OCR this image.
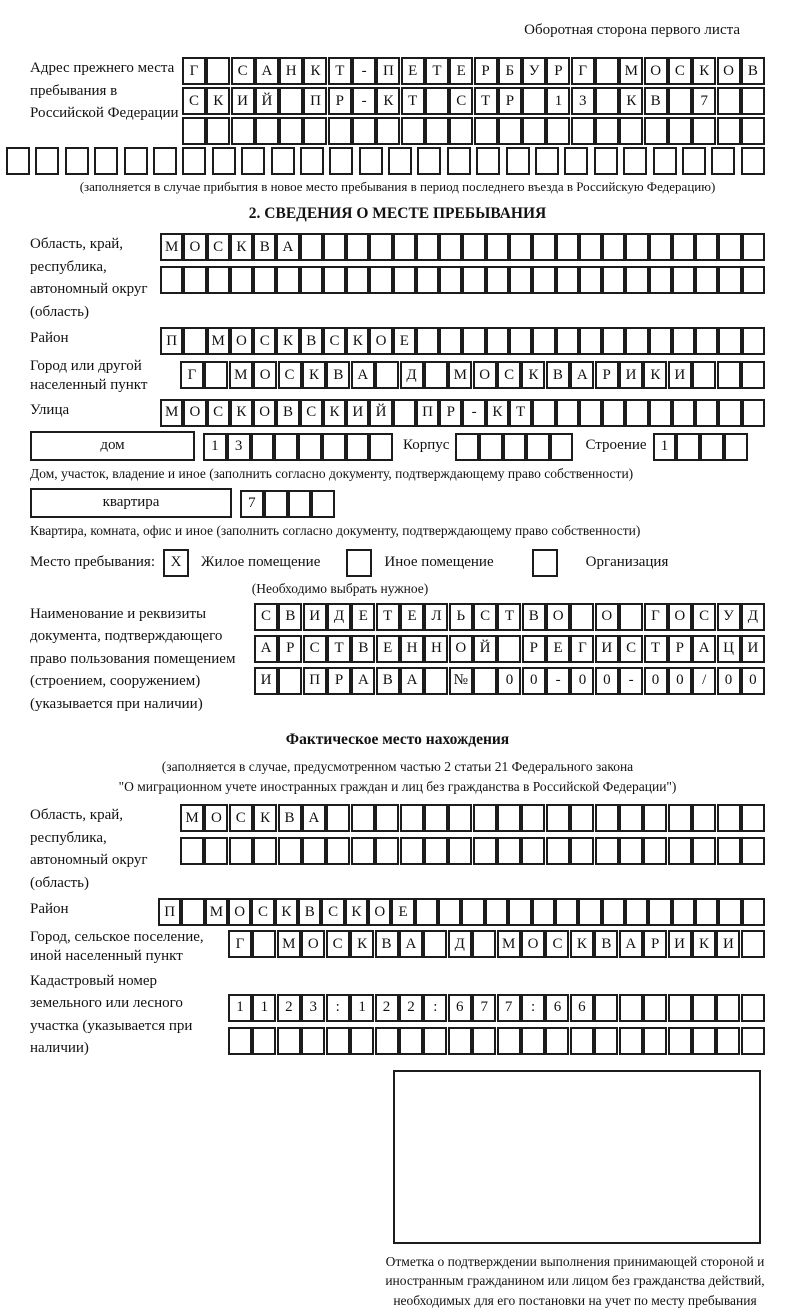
Оборотная сторона первого листа
Адрес прежнего места пребывания в Российской Федерации
Г	С А Н К Т	-	П Е	Т	Е	Р	Б У Р	Г	М О С К О В
С К И Й	П Р	-	К Т	С Т	Р	1	3	К В	7
(заполняется в случае прибытия в новое место пребывания в период последнего въезда в Российскую Федерацию)
2. СВЕДЕНИЯ О МЕСТЕ ПРЕБЫВАНИЯ
Область, край, республика, автономный округ (область)
М О С К В А
Район	П	М О С К В С К О Е
Город или другой населенный пункт
Г	М О С К В А	Д	М О С К В А Р И К И
Улица	М О С К О В С К И Й	П Р	-	К Т
дом	1	3	Корпус	Строение 1
Дом, участок, владение и иное (заполнить согласно документу, подтверждающему право собственности)
квартира	7
Квартира, комната, офис и иное (заполнить согласно документу, подтверждающему право собственности)
Место пребывания:	X	Жилое помещение	Иное помещение	Организация
(Необходимо выбрать нужное)
Наименование и реквизиты документа, подтверждающего право пользования помещением (строением, сооружением) (указывается при наличии)
С В И Д Е	Т	Е Л Ь	С Т В О	О	Г О С У Д
А Р	С Т В Е Н Н О Й	Р	Е	Г И С Т	Р А Ц И
И	П Р А В А	№	0	0	-	0	0	-	0	0	/	0	0
Фактическое место нахождения
(заполняется в случае, предусмотренном частью 2 статьи 21 Федерального закона
"О миграционном учете иностранных граждан и лиц без гражданства в Российской Федерации")
Область, край, республика, автономный округ (область)
М О С К В А
Район	П	М О С К В С К О Е
Город, сельское поселение, иной населенный пункт
Г	М О С К В А	Д	М О С К В А Р И К И
Кадастровый номер земельного или лесного участка (указывается при наличии)
1	1	2	3	:	1	2	2	:	6	7	7	:	6	6
Отметка о подтверждении выполнения принимающей стороной и иностранным гражданином или лицом без гражданства действий, необходимых для его постановки на учет по месту пребывания
